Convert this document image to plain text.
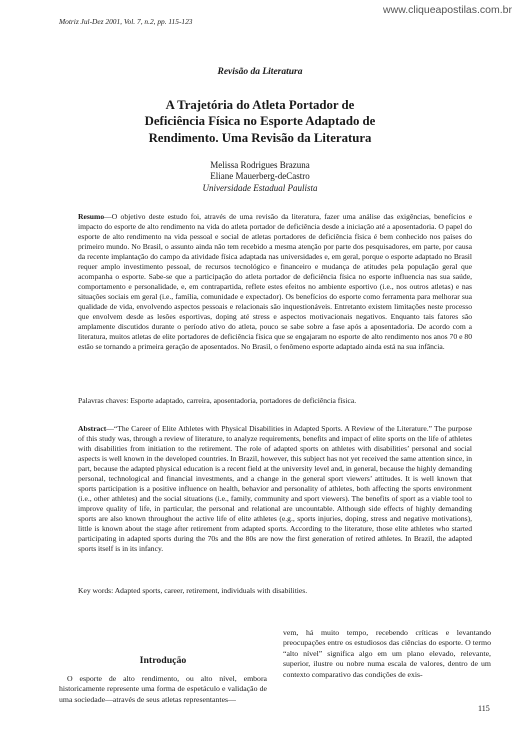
www.cliqueapostilas.com.br
Motriz Jul-Dez 2001, Vol. 7, n.2, pp. 115-123
Revisão da Literatura
A Trajetória do Atleta Portador de
Deficiência Física no Esporte Adaptado de
Rendimento. Uma Revisão da Literatura
Melissa Rodrigues Brazuna
Eliane Mauerberg-deCastro
Universidade Estadual Paulista
Resumo—O objetivo deste estudo foi, através de uma revisão da literatura, fazer uma análise das exigências, benefícios e impacto do esporte de alto rendimento na vida do atleta portador de deficiência desde a iniciação até a aposentadoria. O papel do esporte de alto rendimento na vida pessoal e social de atletas portadores de deficiência física é bem conhecido nos países do primeiro mundo. No Brasil, o assunto ainda não tem recebido a mesma atenção por parte dos pesquisadores, em parte, por causa da recente implantação do campo da atividade física adaptada nas universidades e, em geral, porque o esporte adaptado no Brasil requer amplo investimento pessoal, de recursos tecnológico e financeiro e mudança de atitudes pela população geral que acompanha o esporte. Sabe-se que a participação do atleta portador de deficiência física no esporte influencia nas sua saúde, comportamento e personalidade, e, em contrapartida, reflete estes efeitos no ambiente esportivo (i.e., nos outros atletas) e nas situações sociais em geral (i.e., família, comunidade e expectador). Os benefícios do esporte como ferramenta para melhorar sua qualidade de vida, envolvendo aspectos pessoais e relacionais são inquestionáveis. Entretanto existem limitações neste processo que envolvem desde as lesões esportivas, doping até stress e aspectos motivacionais negativos. Enquanto tais fatores são amplamente discutidos durante o período ativo do atleta, pouco se sabe sobre a fase após a aposentadoria. De acordo com a literatura, muitos atletas de elite portadores de deficiência física que se engajaram no esporte de alto rendimento nos anos 70 e 80 estão se tornando a primeira geração de aposentados. No Brasil, o fenômeno esporte adaptado ainda está na sua infância.
Palavras chaves: Esporte adaptado, carreira, aposentadoria, portadores de deficiência física.
Abstract—“The Career of Elite Athletes with Physical Disabilities in Adapted Sports. A Review of the Literature.” The purpose of this study was, through a review of literature, to analyze requirements, benefits and impact of elite sports on the life of athletes with disabilities from initiation to the retirement. The role of adapted sports on athletes with disabilities’ personal and social aspects is well known in the developed countries. In Brazil, however, this subject has not yet received the same attention since, in part, because the adapted physical education is a recent field at the university level and, in general, because the highly demanding personal, technological and financial investments, and a change in the general sport viewers’ attitudes. It is well known that sports participation is a positive influence on health, behavior and personality of athletes, both affecting the sports environment (i.e., other athletes) and the social situations (i.e., family, community and sport viewers). The benefits of sport as a viable tool to improve quality of life, in particular, the personal and relational are uncountable. Although side effects of highly demanding sports are also known throughout the active life of elite athletes (e.g., sports injuries, doping, stress and negative motivations), little is known about the stage after retirement from adapted sports. According to the literature, those elite athletes who started participating in adapted sports during the 70s and the 80s are now the first generation of retired athletes. In Brazil, the adapted sports itself is in its infancy.
Key words: Adapted sports, career, retirement, individuals with disabilities.
Introdução
O esporte de alto rendimento, ou alto nível, embora historicamente represente uma forma de espetáculo e validação de uma sociedade—através de seus atletas representantes—
vem, há muito tempo, recebendo críticas e levantando preocupações entre os estudiosos das ciências do esporte. O termo “alto nível” significa algo em um plano elevado, relevante, superior, ilustre ou nobre numa escala de valores, dentro de um contexto comparativo das condições de exis-
115
